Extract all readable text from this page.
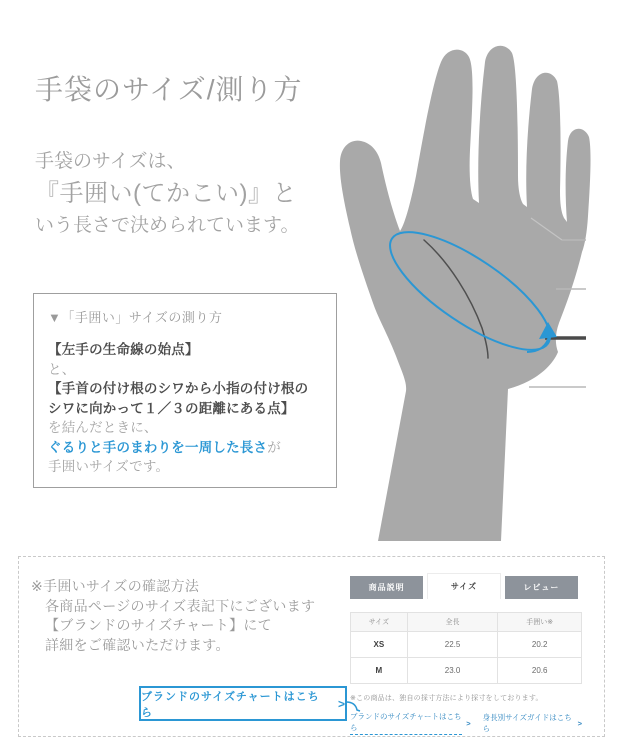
手袋のサイズ/測り方
手袋のサイズは、
『手囲い(てかこい)』と
いう長さで決められています。
▼「手囲い」サイズの測り方
【左手の生命線の始点】
と、
【手首の付け根のシワから小指の付け根の
シワに向かって１／３の距離にある点】
を結んだときに、
ぐるりと手のまわりを一周した長さが
手囲いサイズです。
※手囲いサイズの確認方法
各商品ページのサイズ表記下にございます
【ブランドのサイズチャート】にて
詳細をご確認いただけます。
ブランドのサイズチャートはこちら
>
商品説明	サイズ	レビュー
サイズ	全長	手囲い※
XS	22.5	20.2
M	23.0	20.6
※この商品は、独自の採寸方法により採寸をしております。
ブランドのサイズチャートはこちら	>
身長別サイズガイドはこちら
>
